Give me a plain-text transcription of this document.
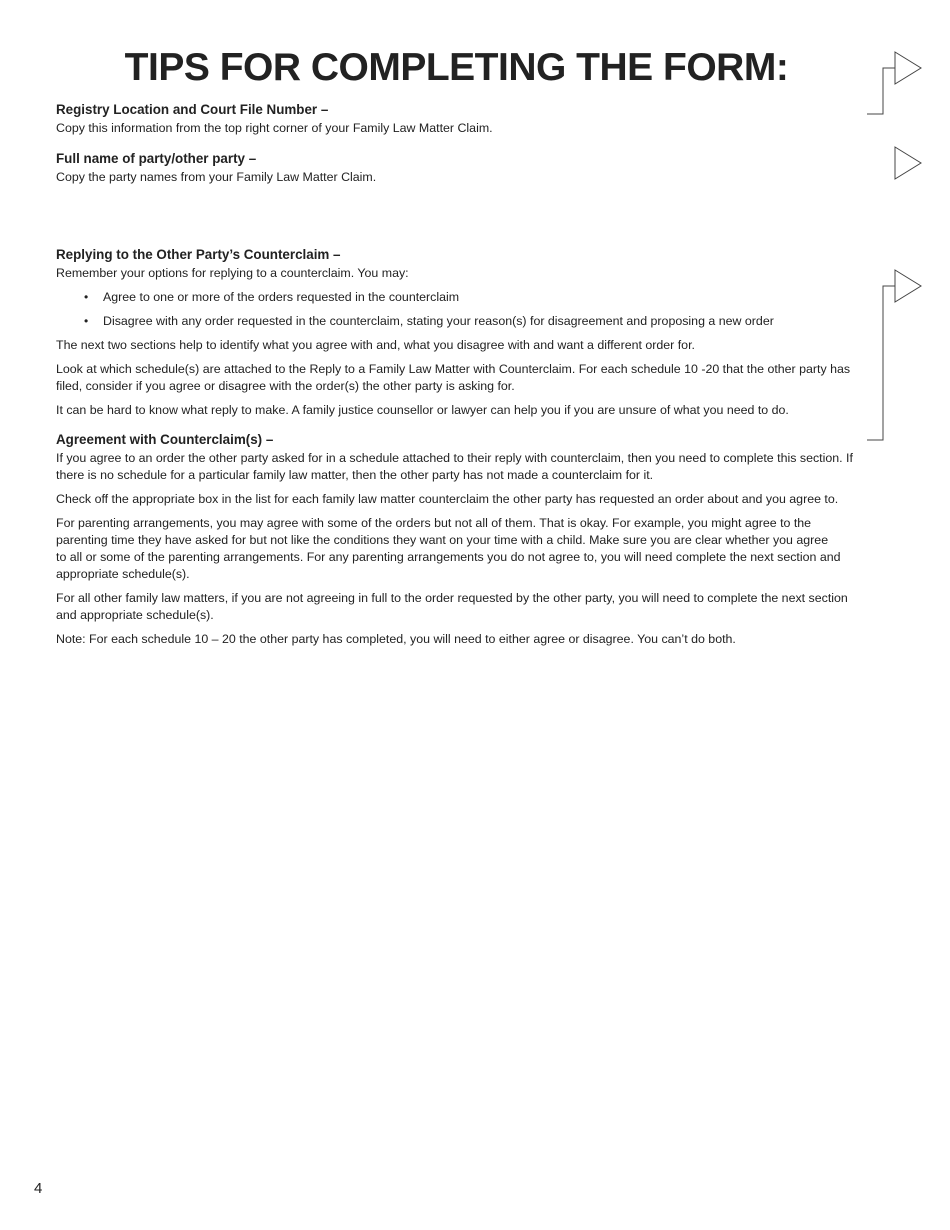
TIPS FOR COMPLETING THE FORM:
Registry Location and Court File Number –
Copy this information from the top right corner of your Family Law Matter Claim.
Full name of party/other party –
Copy the party names from your Family Law Matter Claim.
Replying to the Other Party’s Counterclaim –
Remember your options for replying to a counterclaim. You may:
• Agree to one or more of the orders requested in the counterclaim
• Disagree with any order requested in the counterclaim, stating your reason(s) for disagreement and proposing a new order
The next two sections help to identify what you agree with and, what you disagree with and want a different order for.
Look at which schedule(s) are attached to the Reply to a Family Law Matter with Counterclaim. For each schedule 10 -20 that the other party has
filed, consider if you agree or disagree with the order(s) the other party is asking for.
It can be hard to know what reply to make. A family justice counsellor or lawyer can help you if you are unsure of what you need to do.
Agreement with Counterclaim(s) –
If you agree to an order the other party asked for in a schedule attached to their reply with counterclaim, then you need to complete this section. If
there is no schedule for a particular family law matter, then the other party has not made a counterclaim for it.
Check off the appropriate box in the list for each family law matter counterclaim the other party has requested an order about and you agree to.
For parenting arrangements, you may agree with some of the orders but not all of them. That is okay. For example, you might agree to the
parenting time they have asked for but not like the conditions they want on your time with a child. Make sure you are clear whether you agree
to all or some of the parenting arrangements. For any parenting arrangements you do not agree to, you will need complete the next section and
appropriate schedule(s).
For all other family law matters, if you are not agreeing in full to the order requested by the other party, you will need to complete the next section
and appropriate schedule(s).
Note: For each schedule 10 – 20 the other party has completed, you will need to either agree or disagree. You can’t do both.
4
